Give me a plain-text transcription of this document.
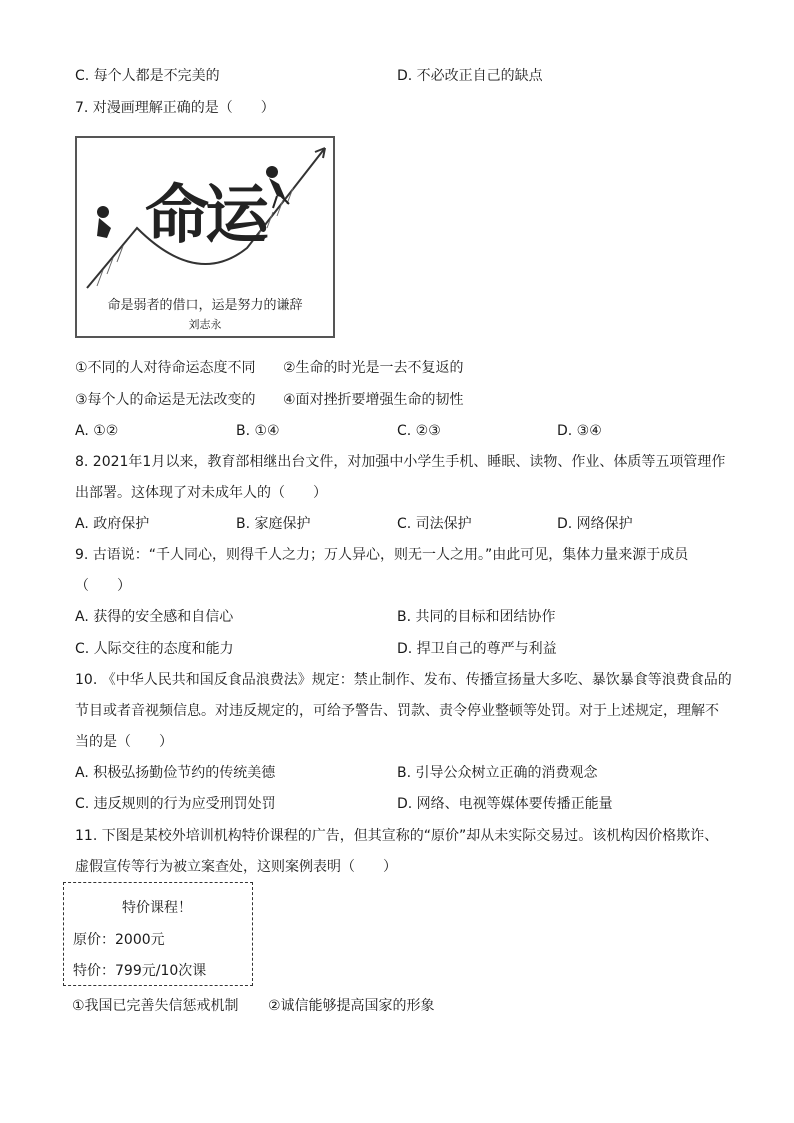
C. 每个人都是不完美的	D. 不必改正自己的缺点
7. 对漫画理解正确的是（　　）
命运
命是弱者的借口，运是努力的谦辞
刘志永
①不同的人对待命运态度不同 ②生命的时光是一去不复返的
③每个人的命运是无法改变的 ④面对挫折要增强生命的韧性
A. ①②	B. ①④	C. ②③	D. ③④
8. 2021年1月以来，教育部相继出台文件，对加强中小学生手机、睡眠、读物、作业、体质等五项管理作
出部署。这体现了对未成年人的（　　）
A. 政府保护	B. 家庭保护	C. 司法保护	D. 网络保护
9. 古语说：“千人同心，则得千人之力；万人异心，则无一人之用。”由此可见，集体力量来源于成员
（　　）
A. 获得的安全感和自信心	B. 共同的目标和团结协作
C. 人际交往的态度和能力	D. 捍卫自己的尊严与利益
10. 《中华人民共和国反食品浪费法》规定：禁止制作、发布、传播宣扬量大多吃、暴饮暴食等浪费食品的
节目或者音视频信息。对违反规定的，可给予警告、罚款、责令停业整顿等处罚。对于上述规定，理解不
当的是（　　）
A. 积极弘扬勤俭节约的传统美德	B. 引导公众树立正确的消费观念
C. 违反规则的行为应受刑罚处罚	D. 网络、电视等媒体要传播正能量
11. 下图是某校外培训机构特价课程的广告，但其宣称的“原价”却从未实际交易过。该机构因价格欺诈、
虚假宣传等行为被立案查处，这则案例表明（　　）
特价课程！
原价：2000元
特价：799元/10次课
①我国已完善失信惩戒机制 ②诚信能够提高国家的形象
